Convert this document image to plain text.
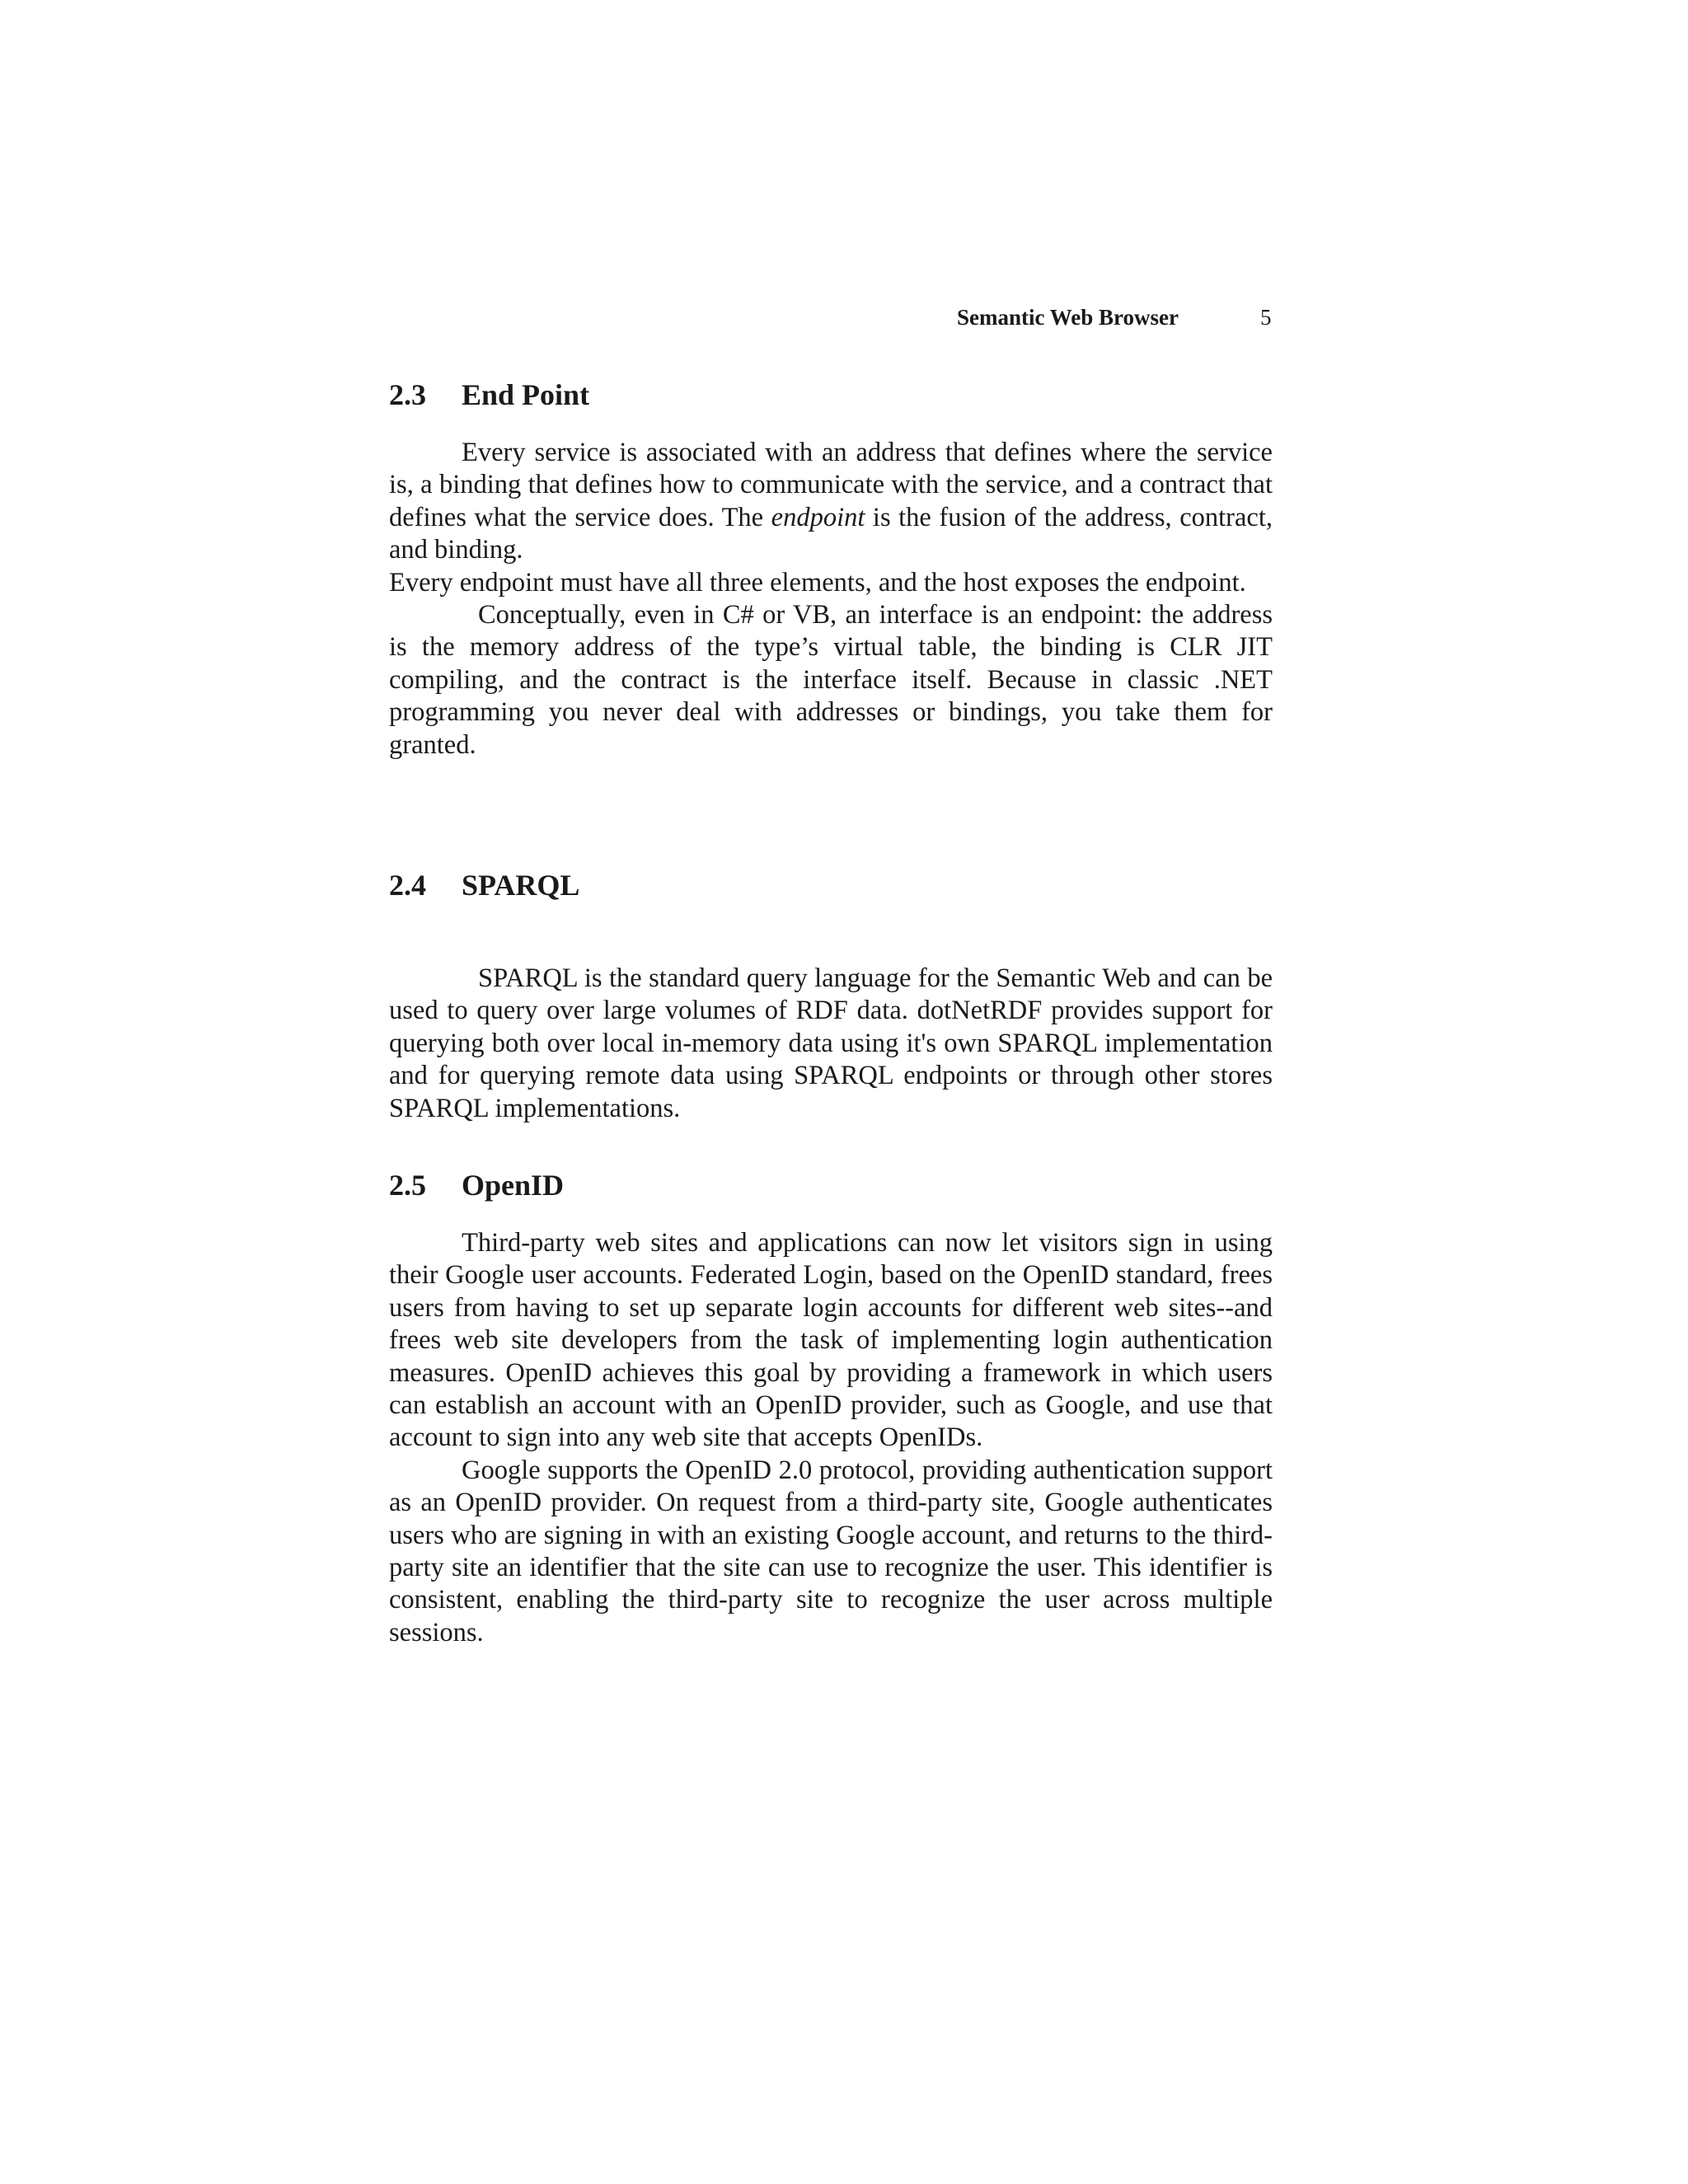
Semantic Web Browser	5
2.3 End Point

Every service is associated with an address that defines where the service is, a binding that defines how to communicate with the service, and a contract that defines what the service does. The endpoint is the fusion of the address, contract, and binding.

Every endpoint must have all three elements, and the host exposes the endpoint.

Conceptually, even in C# or VB, an interface is an endpoint: the address is the memory address of the type’s virtual table, the binding is CLR JIT compiling, and the contract is the interface itself. Because in classic .NET programming you never deal with addresses or bindings, you take them for granted.

2.4 SPARQL

SPARQL is the standard query language for the Semantic Web and can be used to query over large volumes of RDF data. dotNetRDF provides support for querying both over local in-memory data using it's own SPARQL implementation and for querying remote data using SPARQL endpoints or through other stores SPARQL implementations.

2.5 OpenID

Third-party web sites and applications can now let visitors sign in using their Google user accounts. Federated Login, based on the OpenID standard, frees users from having to set up separate login accounts for different web sites--and frees web site developers from the task of implementing login authentication measures. OpenID achieves this goal by providing a framework in which users can establish an account with an OpenID provider, such as Google, and use that account to sign into any web site that accepts OpenIDs.

Google supports the OpenID 2.0 protocol, providing authentication support as an OpenID provider. On request from a third-party site, Google authenticates users who are signing in with an existing Google account, and returns to the third-party site an identifier that the site can use to recognize the user. This identifier is consistent, enabling the third-party site to recognize the user across multiple sessions.
